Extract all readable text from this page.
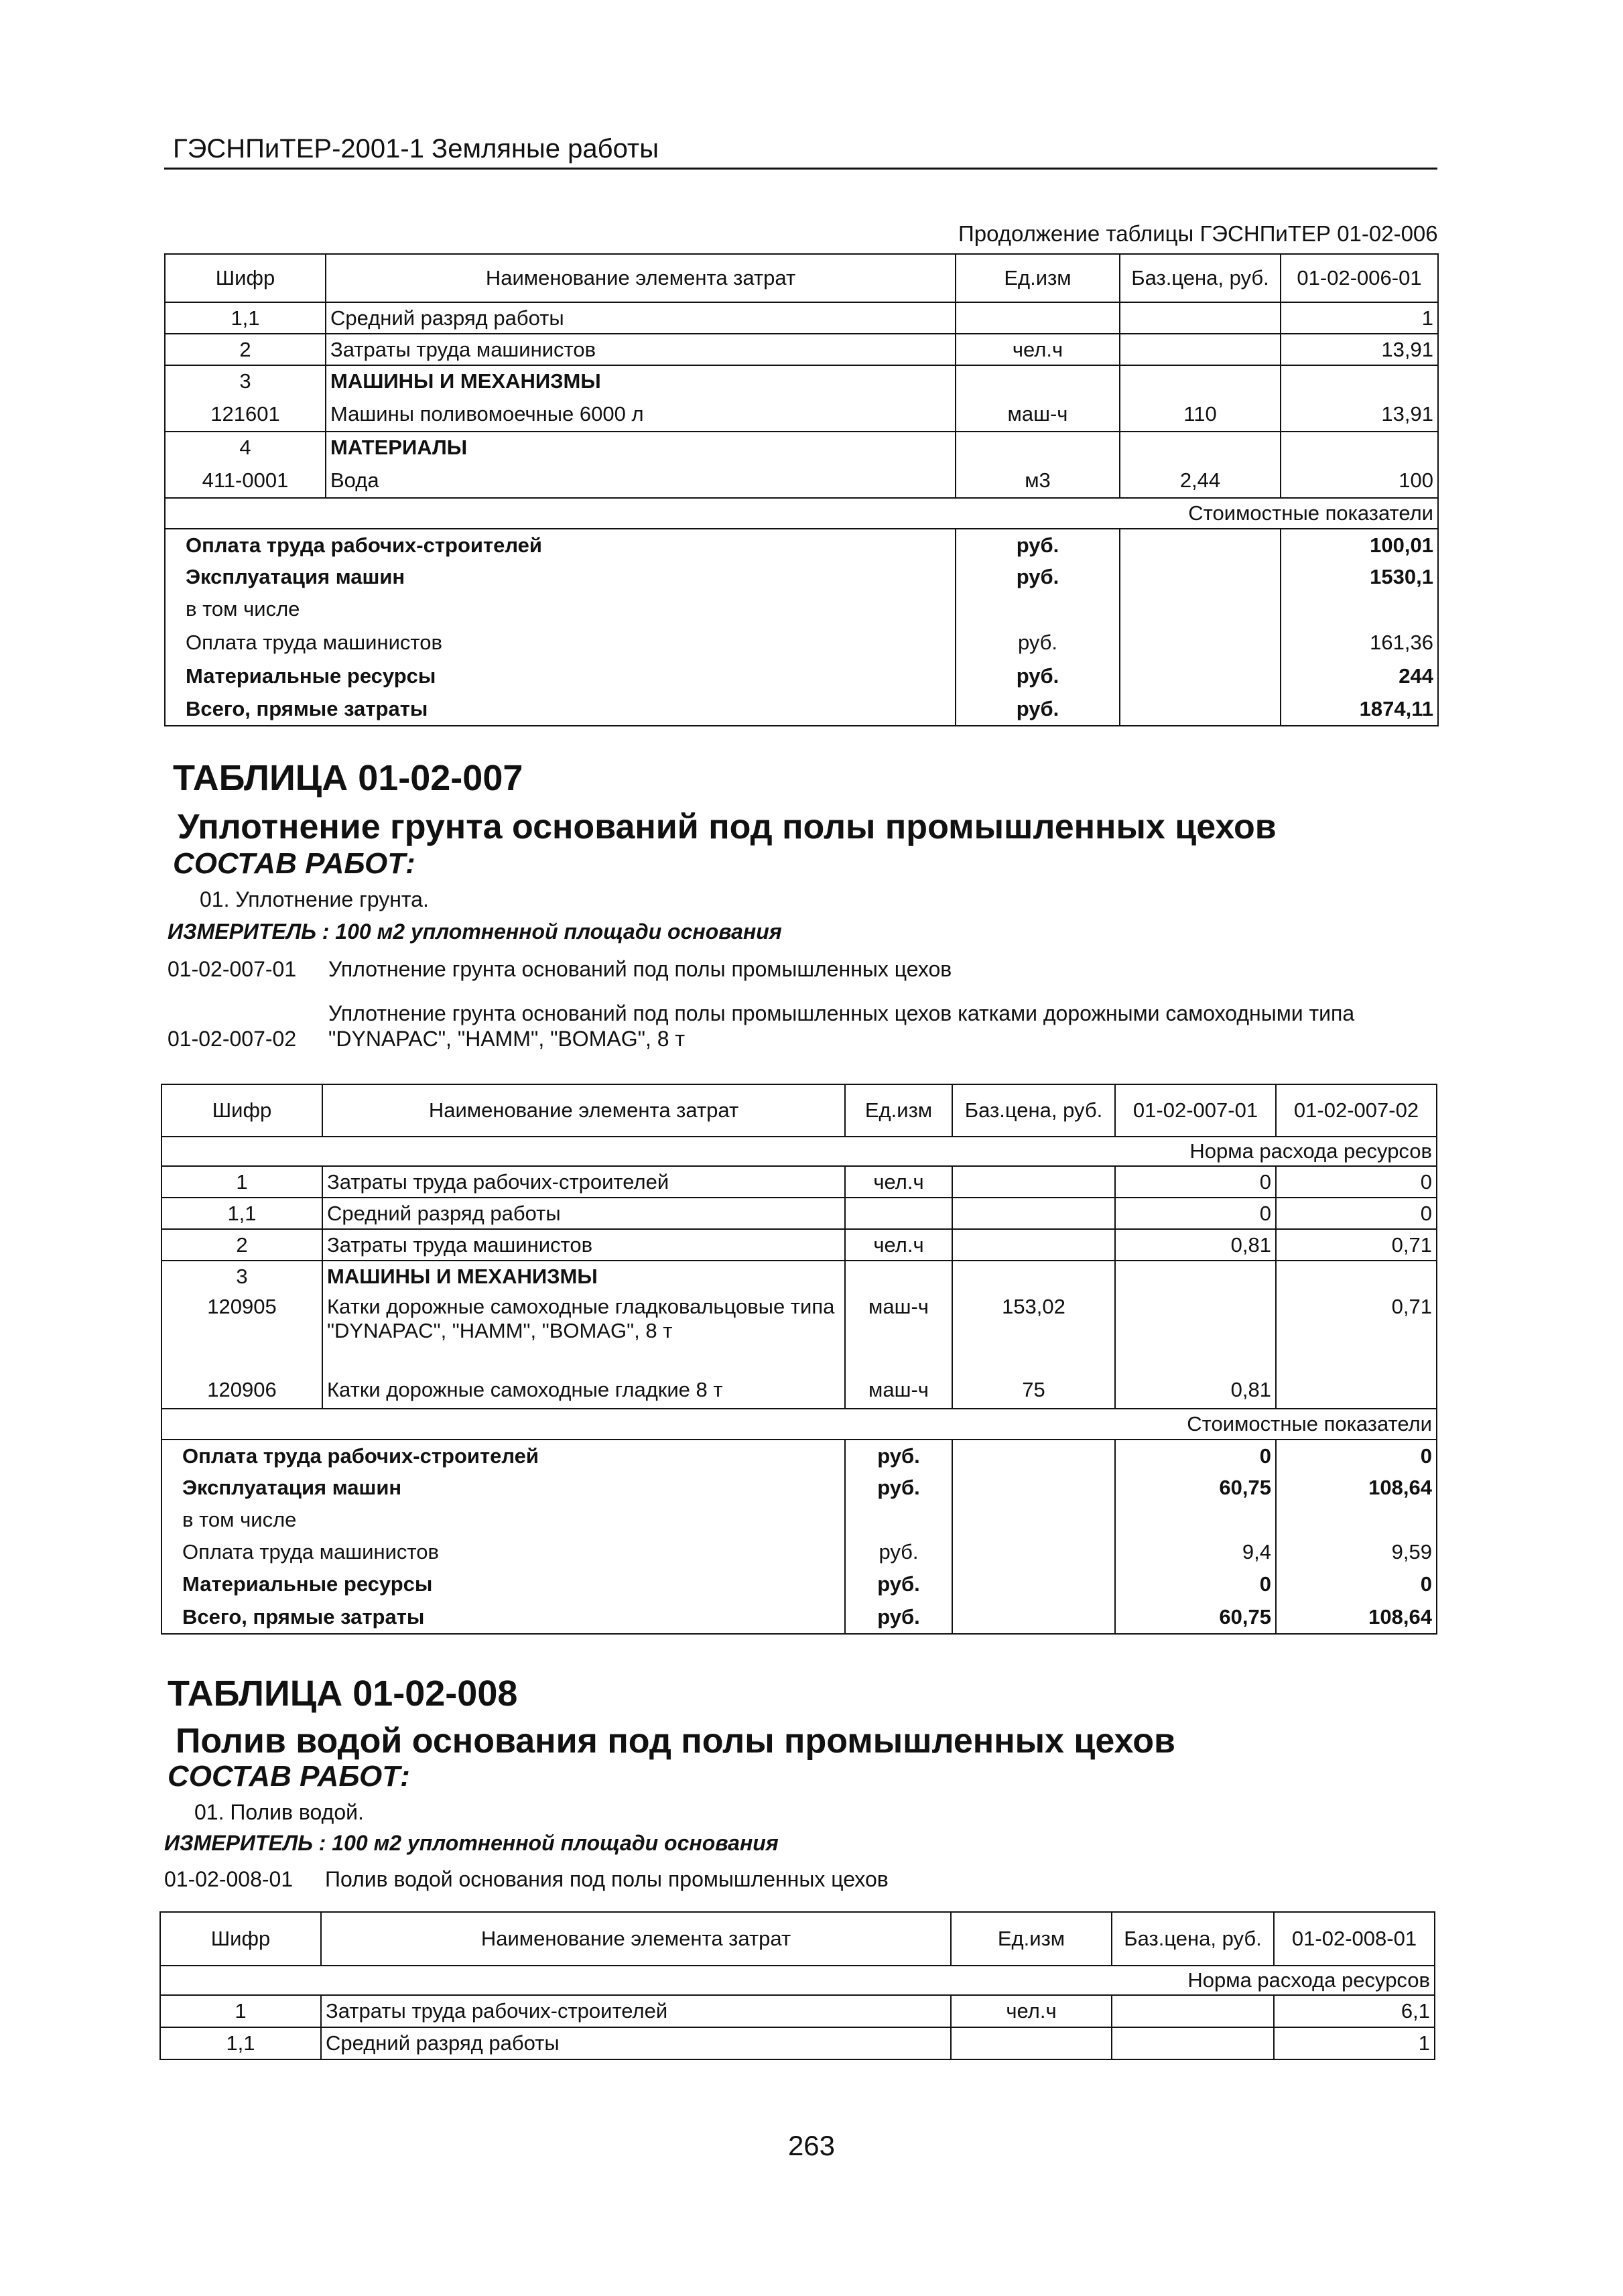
ГЭСНПиТЕР-2001-1 Земляные работы
Продолжение таблицы ГЭСНПиТЕР 01-02-006
Шифр	Наименование элемента затрат	Ед.изм	Баз.цена, руб.	01-02-006-01
1,1	Средний разряд работы			1
2	Затраты труда машинистов	чел.ч		13,91
3	МАШИНЫ И МЕХАНИЗМЫ			
121601	Машины поливомоечные 6000 л	маш-ч	110	13,91
4	МАТЕРИАЛЫ			
411-0001	Вода	м3	2,44	100
Стоимостные показатели				
Оплата труда рабочих-строителей		руб.		100,01
Эксплуатация машин		руб.		1530,1
в том числе				
Оплата труда машинистов		руб.		161,36
Материальные ресурсы		руб.		244
Всего, прямые затраты		руб.		1874,11
ТАБЛИЦА 01-02-007
Уплотнение грунта оснований под полы промышленных цехов
СОСТАВ РАБОТ:
01. Уплотнение грунта.
ИЗМЕРИТЕЛЬ : 100 м2 уплотненной площади основания
01-02-007-01 Уплотнение грунта оснований под полы промышленных цехов
Уплотнение грунта оснований под полы промышленных цехов катками дорожными самоходными типа
01-02-007-02 "DYNAPAC", "HAMM", "BOMAG", 8 т
Шифр	Наименование элемента затрат	Ед.изм	Баз.цена, руб.	01-02-007-01	01-02-007-02
Норма расхода ресурсов					
1	Затраты труда рабочих-строителей	чел.ч		0	0
1,1	Средний разряд работы			0	0
2	Затраты труда машинистов	чел.ч		0,81	0,71
3	МАШИНЫ И МЕХАНИЗМЫ				
120905	Катки дорожные самоходные гладковальцовые типа "DYNAPAC", "HAMM", "BOMAG", 8 т	маш-ч	153,02		0,71
120906	Катки дорожные самоходные гладкие 8 т	маш-ч	75	0,81	
Стоимостные показатели					
Оплата труда рабочих-строителей		руб.		0	0
Эксплуатация машин		руб.		60,75	108,64
в том числе					
Оплата труда машинистов		руб.		9,4	9,59
Материальные ресурсы		руб.		0	0
Всего, прямые затраты		руб.		60,75	108,64
ТАБЛИЦА 01-02-008
Полив водой основания под полы промышленных цехов
СОСТАВ РАБОТ:
01. Полив водой.
ИЗМЕРИТЕЛЬ : 100 м2 уплотненной площади основания
01-02-008-01 Полив водой основания под полы промышленных цехов
Шифр	Наименование элемента затрат	Ед.изм	Баз.цена, руб.	01-02-008-01
Норма расхода ресурсов				
1	Затраты труда рабочих-строителей	чел.ч		6,1
1,1	Средний разряд работы			1
263
